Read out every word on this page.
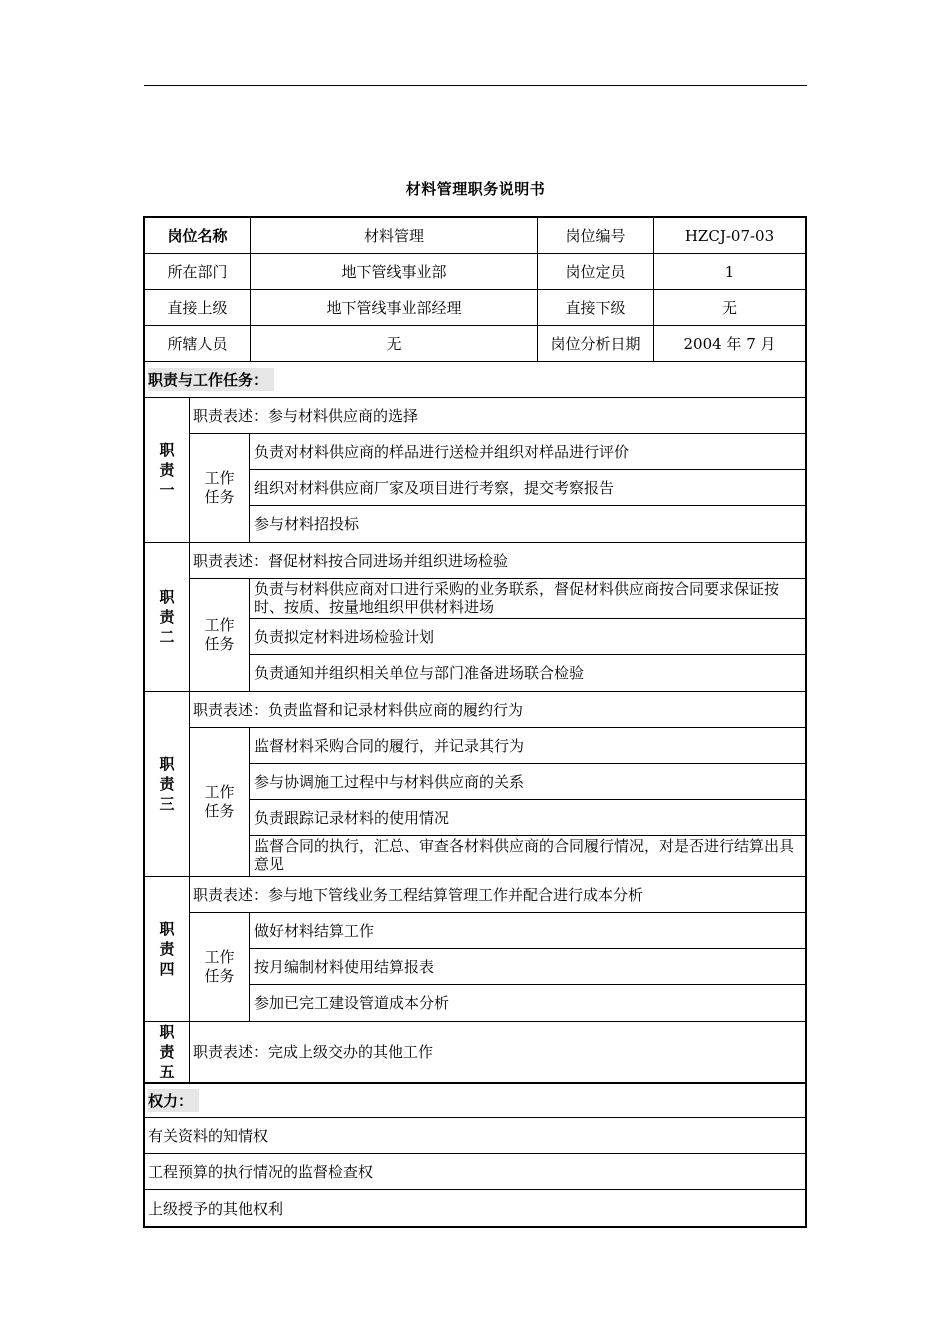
材料管理职务说明书
岗位名称	材料管理	岗位编号	HZCJ-07-03
所在部门	地下管线事业部	岗位定员	1
直接上级	地下管线事业部经理	直接下级	无
所辖人员	无	岗位分析日期	2004 年 7 月
职责与工作任务：
职责一
职责表述：参与材料供应商的选择
工作任务
负责对材料供应商的样品进行送检并组织对样品进行评价
组织对材料供应商厂家及项目进行考察，提交考察报告
参与材料招投标
职责二
职责表述：督促材料按合同进场并组织进场检验
工作任务
负责与材料供应商对口进行采购的业务联系，督促材料供应商按合同要求保证按时、按质、按量地组织甲供材料进场
负责拟定材料进场检验计划
负责通知并组织相关单位与部门准备进场联合检验
职责三
职责表述：负责监督和记录材料供应商的履约行为
工作任务
监督材料采购合同的履行，并记录其行为
参与协调施工过程中与材料供应商的关系
负责跟踪记录材料的使用情况
监督合同的执行，汇总、审查各材料供应商的合同履行情况，对是否进行结算出具意见
职责四
职责表述：参与地下管线业务工程结算管理工作并配合进行成本分析
工作任务
做好材料结算工作
按月编制材料使用结算报表
参加已完工建设管道成本分析
职责五
职责表述：完成上级交办的其他工作
权力：
有关资料的知情权
工程预算的执行情况的监督检查权
上级授予的其他权利
